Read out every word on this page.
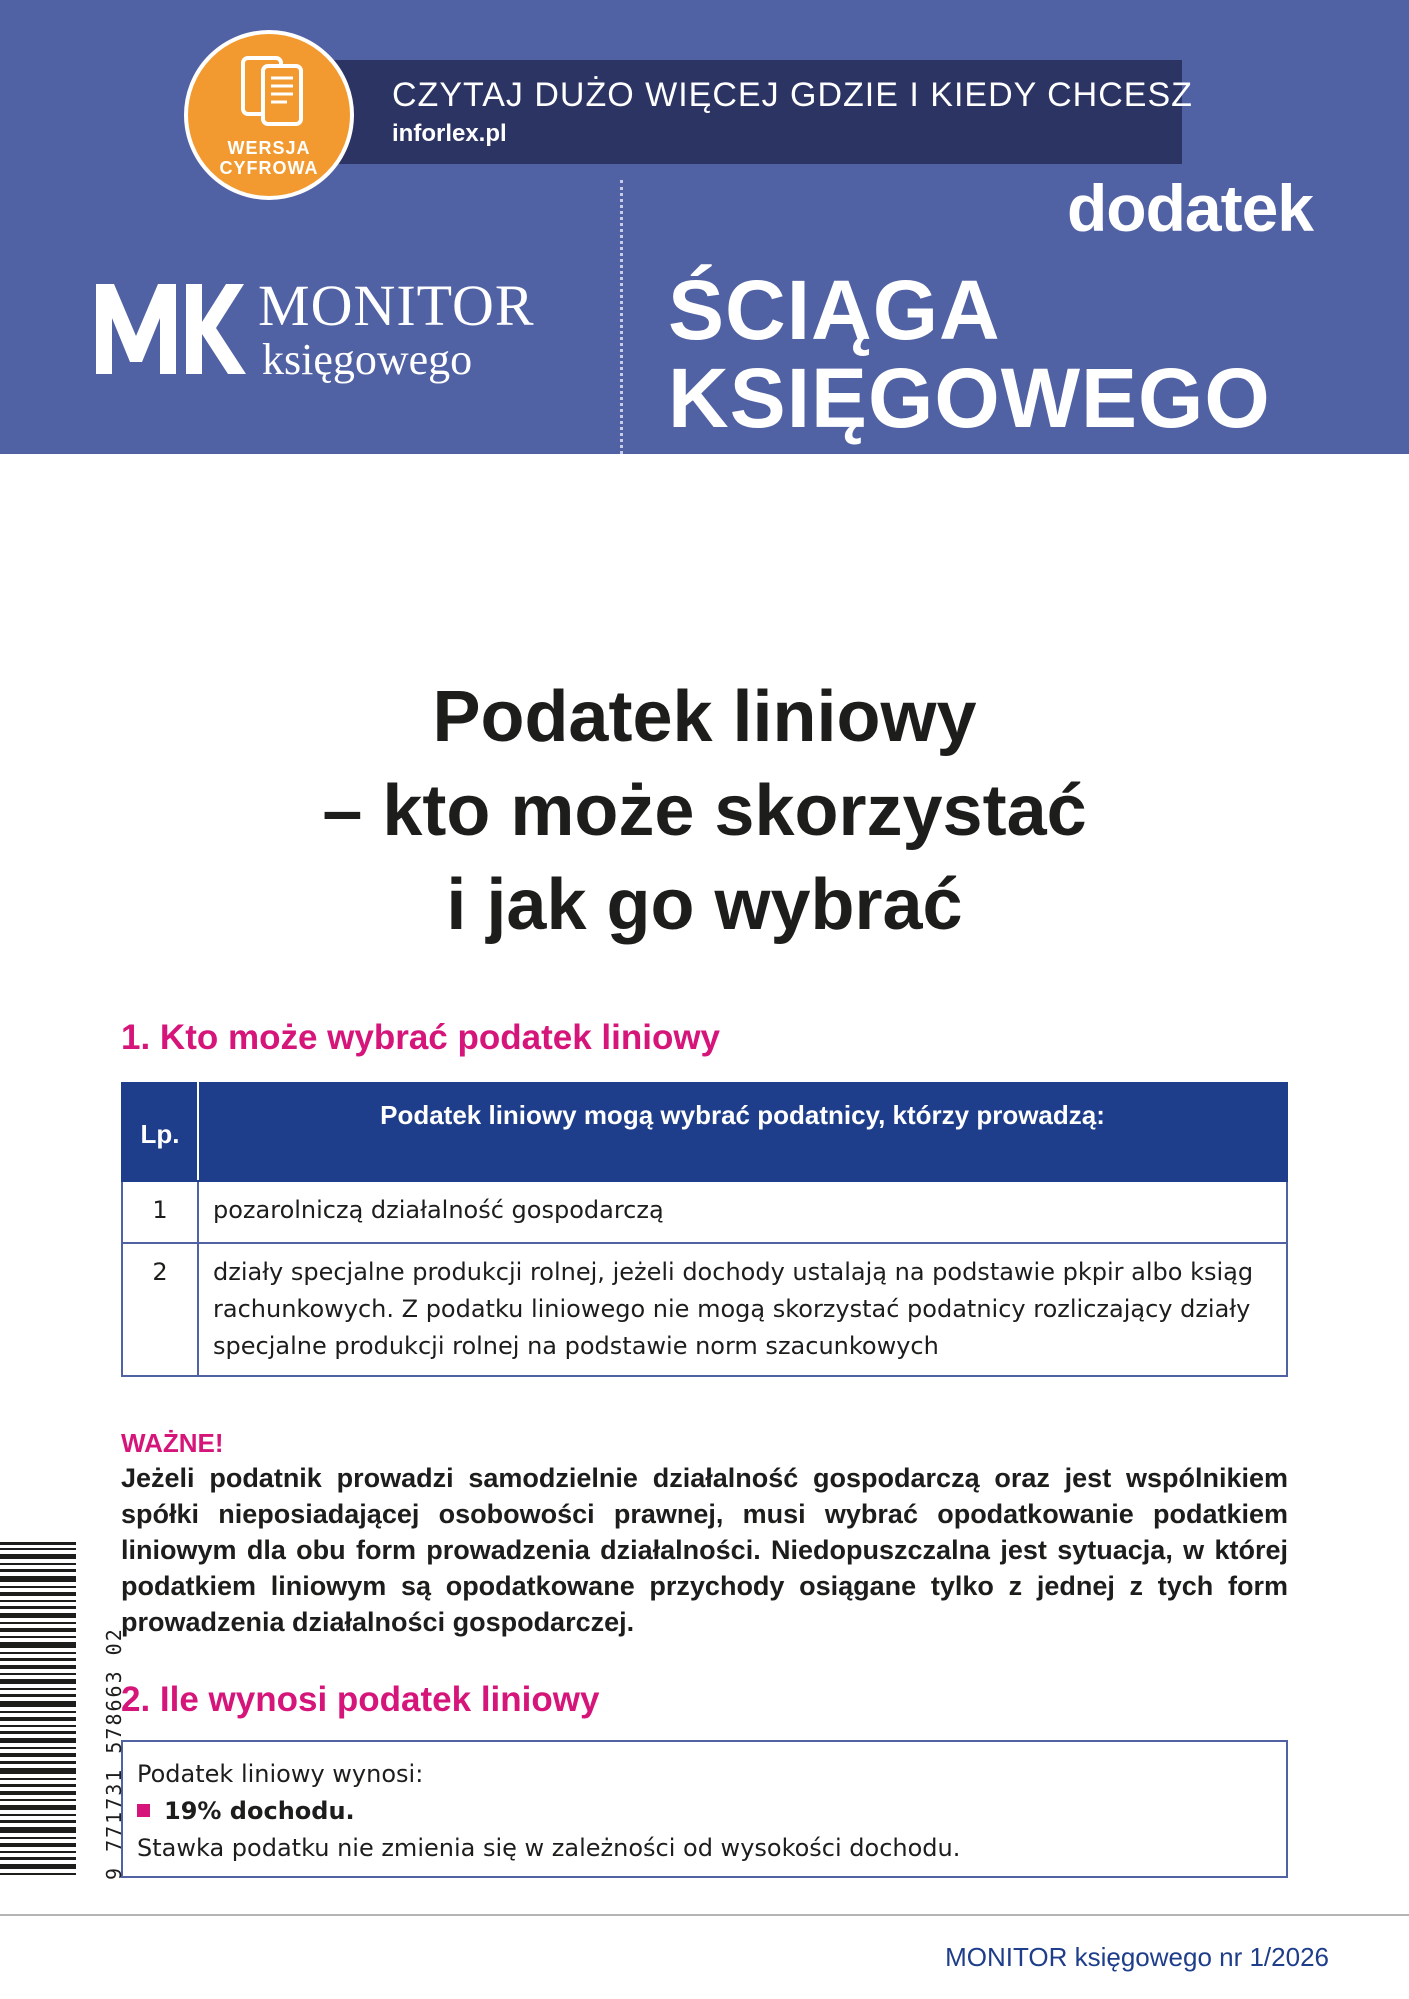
CZYTAJ DUŻO WIĘCEJ GDZIE I KIEDY CHCESZ
inforlex.pl
WERSJA
CYFROWA
MONITOR
księgowego
dodatek
ŚCIĄGA
KSIĘGOWEGO
Podatek liniowy
– kto może skorzystać
i jak go wybrać
1. Kto może wybrać podatek liniowy
Lp.	Podatek liniowy mogą wybrać podatnicy, którzy prowadzą:
1	pozarolniczą działalność gospodarczą
2	działy specjalne produkcji rolnej, jeżeli dochody ustalają na podstawie pkpir albo ksiąg rachunkowych. Z podatku liniowego nie mogą skorzystać podatnicy rozliczający działy specjalne produkcji rolnej na podstawie norm szacunkowych
WAŻNE!

Jeżeli podatnik prowadzi samodzielnie działalność gospodarczą oraz jest wspólnikiem spółki nieposiadającej osobowości prawnej, musi wybrać opodatkowanie podatkiem liniowym dla obu form prowadzenia działalności. Niedopuszczalna jest sytuacja, w której podatkiem liniowym są opodatkowane przychody osiągane tylko z jednej z tych form prowadzenia działalności gospodarczej.

2. Ile wynosi podatek liniowy
Podatek liniowy wynosi:
19% dochodu.
Stawka podatku nie zmienia się w zależności od wysokości dochodu.
9 771731 578663 02
MONITOR księgowego nr 1/2026
